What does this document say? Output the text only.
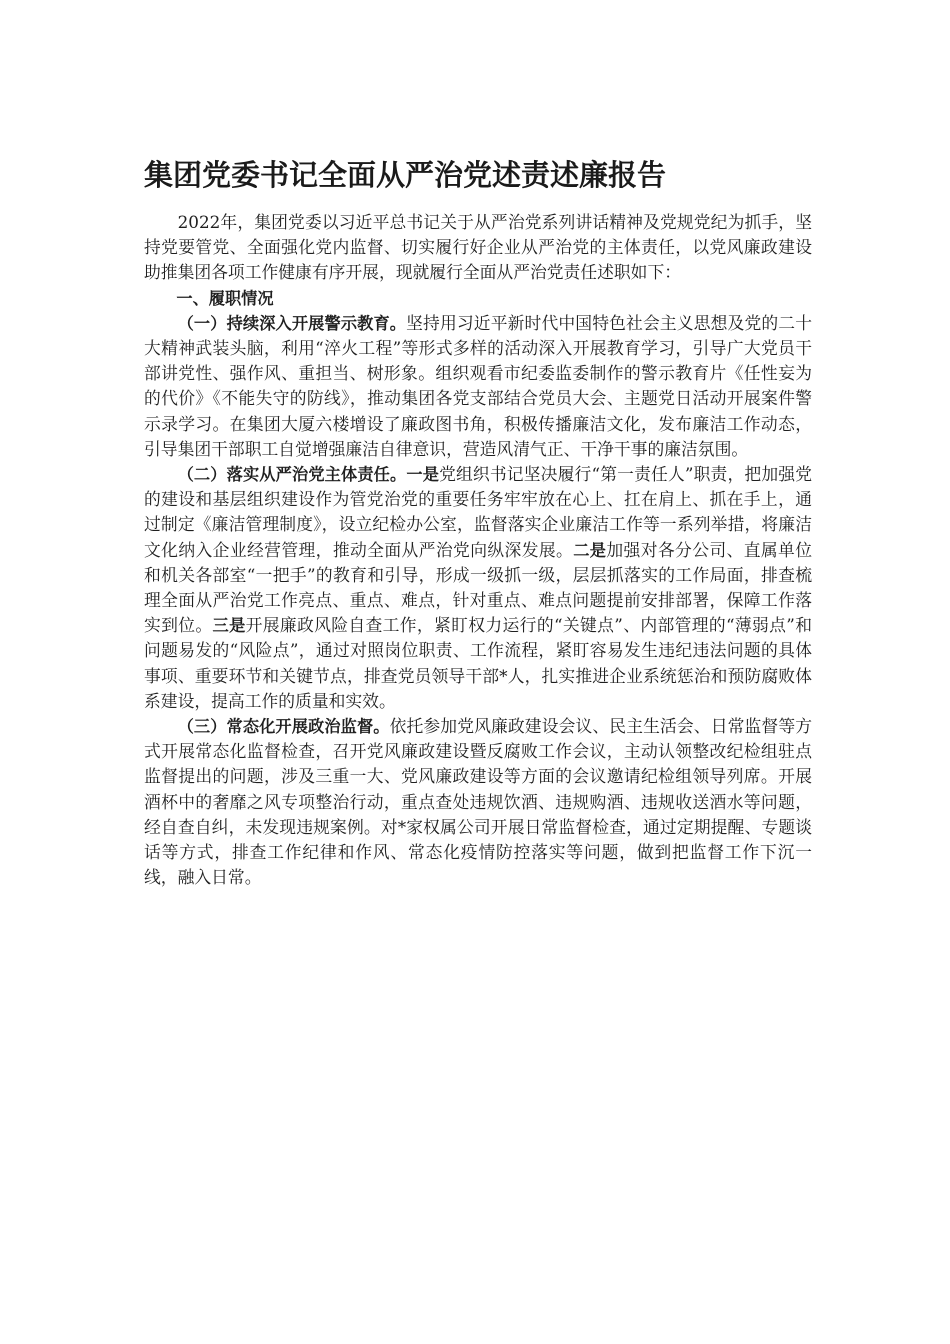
集团党委书记全面从严治党述责述廉报告

2022年，集团党委以习近平总书记关于从严治党系列讲话精神及党规党纪为抓手，坚持党要管党、全面强化党内监督、切实履行好企业从严治党的主体责任，以党风廉政建设助推集团各项工作健康有序开展，现就履行全面从严治党责任述职如下：

一、履职情况

（一）持续深入开展警示教育。坚持用习近平新时代中国特色社会主义思想及党的二十大精神武装头脑，利用“淬火工程”等形式多样的活动深入开展教育学习，引导广大党员干部讲党性、强作风、重担当、树形象。组织观看市纪委监委制作的警示教育片《任性妄为的代价》《不能失守的防线》，推动集团各党支部结合党员大会、主题党日活动开展案件警示录学习。在集团大厦六楼增设了廉政图书角，积极传播廉洁文化，发布廉洁工作动态，引导集团干部职工自觉增强廉洁自律意识，营造风清气正、干净干事的廉洁氛围。

（二）落实从严治党主体责任。一是党组织书记坚决履行“第一责任人”职责，把加强党的建设和基层组织建设作为管党治党的重要任务牢牢放在心上、扛在肩上、抓在手上，通过制定《廉洁管理制度》，设立纪检办公室，监督落实企业廉洁工作等一系列举措，将廉洁文化纳入企业经营管理，推动全面从严治党向纵深发展。二是加强对各分公司、直属单位和机关各部室“一把手”的教育和引导，形成一级抓一级，层层抓落实的工作局面，排查梳理全面从严治党工作亮点、重点、难点，针对重点、难点问题提前安排部署，保障工作落实到位。三是开展廉政风险自查工作，紧盯权力运行的“关键点”、内部管理的“薄弱点”和问题易发的“风险点”，通过对照岗位职责、工作流程，紧盯容易发生违纪违法问题的具体事项、重要环节和关键节点，排查党员领导干部*人，扎实推进企业系统惩治和预防腐败体系建设，提高工作的质量和实效。

（三）常态化开展政治监督。依托参加党风廉政建设会议、民主生活会、日常监督等方式开展常态化监督检查，召开党风廉政建设暨反腐败工作会议，主动认领整改纪检组驻点监督提出的问题，涉及三重一大、党风廉政建设等方面的会议邀请纪检组领导列席。开展酒杯中的奢靡之风专项整治行动，重点查处违规饮酒、违规购酒、违规收送酒水等问题，经自查自纠，未发现违规案例。对*家权属公司开展日常监督检查，通过定期提醒、专题谈话等方式，排查工作纪律和作风、常态化疫情防控落实等问题，做到把监督工作下沉一线，融入日常。
